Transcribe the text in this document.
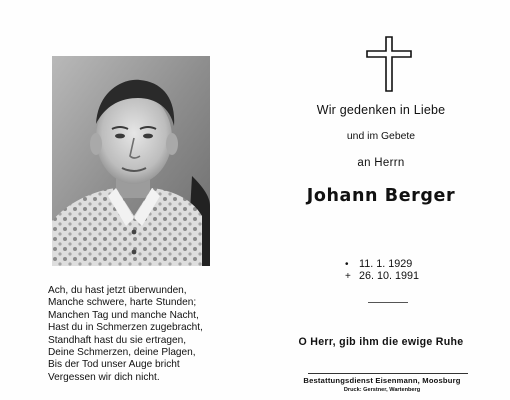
Ach, du hast jetzt überwunden,
Manche schwere, harte Stunden;
Manchen Tag und manche Nacht,
Hast du in Schmerzen zugebracht,
Standhaft hast du sie ertragen,
Deine Schmerzen, deine Plagen,
Bis der Tod unser Auge bricht
Vergessen wir dich nicht.
Wir gedenken in Liebe
und im Gebete
an Herrn
Johann Berger
• 11. 1. 1929
+ 26. 10. 1991
O Herr, gib ihm die ewige Ruhe
Bestattungsdienst Eisenmann, Moosburg
Druck: Gerstner, Wartenberg
